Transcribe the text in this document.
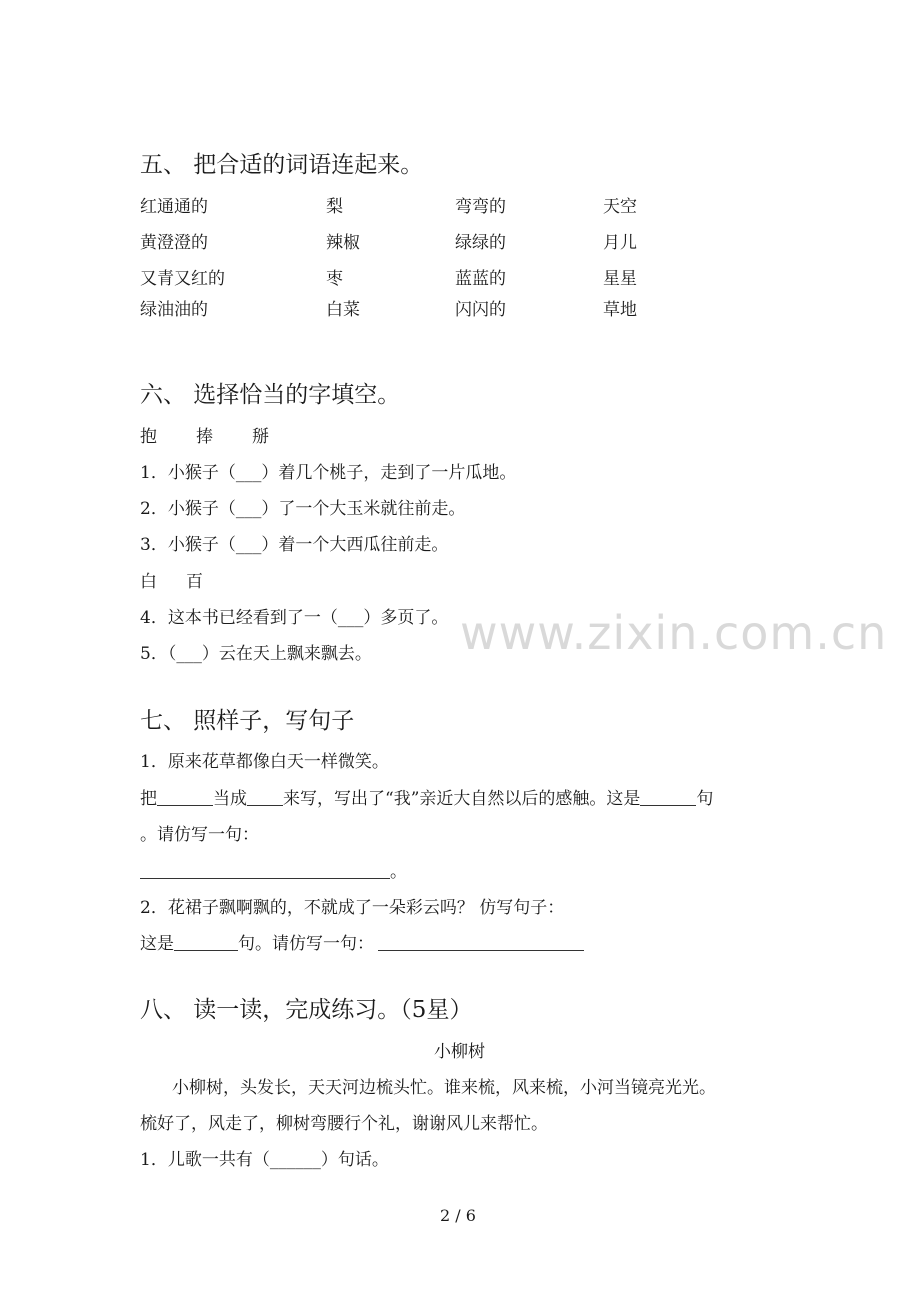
www.zixin.com.cn
五、 把合适的词语连起来。
红通通的	梨	弯弯的	天空
黄澄澄的	辣椒	绿绿的	月儿
又青又红的	枣	蓝蓝的	星星
绿油油的	白菜	闪闪的	草地
六、 选择恰当的字填空。
抱 捧 掰
1．小猴子（___）着几个桃子，走到了一片瓜地。
2．小猴子（___）了一个大玉米就往前走。
3．小猴子（___）着一个大西瓜往前走。
白 百
4．这本书已经看到了一（___）多页了。
5．（___）云在天上飘来飘去。
七、 照样子，写句子
1．原来花草都像白天一样微笑。
把	当成 来写，写出了“我”亲近大自然以后的感触。这是	句
。请仿写一句：
。
2．花裙子飘啊飘的，不就成了一朵彩云吗？ 仿写句子：
这是	句。请仿写一句：
八、 读一读，完成练习。（5星）
小柳树
小柳树，头发长，天天河边梳头忙。谁来梳，风来梳，小河当镜亮光光。
梳好了，风走了，柳树弯腰行个礼，谢谢风儿来帮忙。
1．儿歌一共有（______）句话。
2 / 6
